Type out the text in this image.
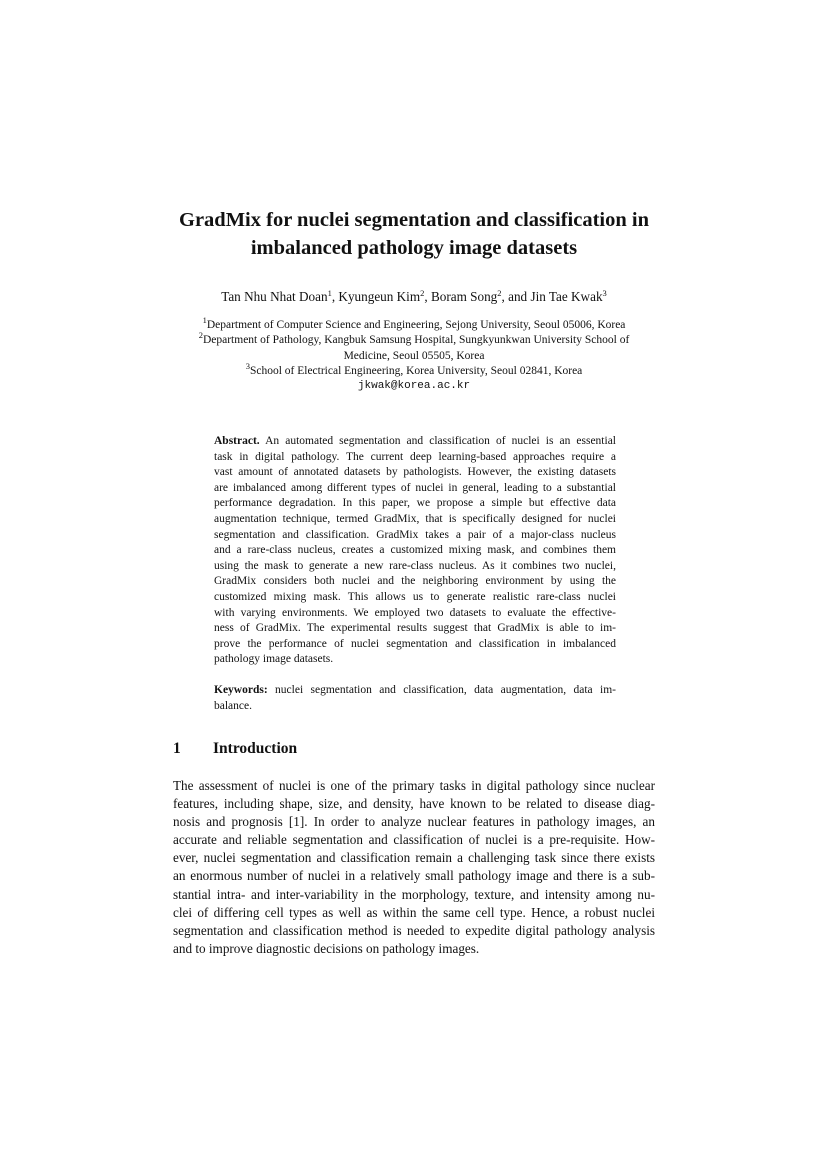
GradMix for nuclei segmentation and classification in
imbalanced pathology image datasets
Tan Nhu Nhat Doan$^1$, Kyungeun Kim$^2$, Boram Song$^2$, and Jin Tae Kwak$^3$
$^1$Department of Computer Science and Engineering, Sejong University, Seoul 05006, Korea
$^2$Department of Pathology, Kangbuk Samsung Hospital, Sungkyunkwan University School of
Medicine, Seoul 05505, Korea
$^3$School of Electrical Engineering, Korea University, Seoul 02841, Korea
jkwak@korea.ac.kr
Abstract. An automated segmentation and classification of nuclei is an essential
task in digital pathology. The current deep learning-based approaches require a
vast amount of annotated datasets by pathologists. However, the existing datasets
are imbalanced among different types of nuclei in general, leading to a substantial
performance degradation. In this paper, we propose a simple but effective data
augmentation technique, termed GradMix, that is specifically designed for nuclei
segmentation and classification. GradMix takes a pair of a major-class nucleus
and a rare-class nucleus, creates a customized mixing mask, and combines them
using the mask to generate a new rare-class nucleus. As it combines two nuclei,
GradMix considers both nuclei and the neighboring environment by using the
customized mixing mask. This allows us to generate realistic rare-class nuclei
with varying environments. We employed two datasets to evaluate the effective-
ness of GradMix. The experimental results suggest that GradMix is able to im-
prove the performance of nuclei segmentation and classification in imbalanced
pathology image datasets.
Keywords: nuclei segmentation and classification, data augmentation, data im-
balance.
1 Introduction
The assessment of nuclei is one of the primary tasks in digital pathology since nuclear
features, including shape, size, and density, have known to be related to disease diag-
nosis and prognosis [1]. In order to analyze nuclear features in pathology images, an
accurate and reliable segmentation and classification of nuclei is a pre-requisite. How-
ever, nuclei segmentation and classification remain a challenging task since there exists
an enormous number of nuclei in a relatively small pathology image and there is a sub-
stantial intra- and inter-variability in the morphology, texture, and intensity among nu-
clei of differing cell types as well as within the same cell type. Hence, a robust nuclei
segmentation and classification method is needed to expedite digital pathology analysis
and to improve diagnostic decisions on pathology images.
